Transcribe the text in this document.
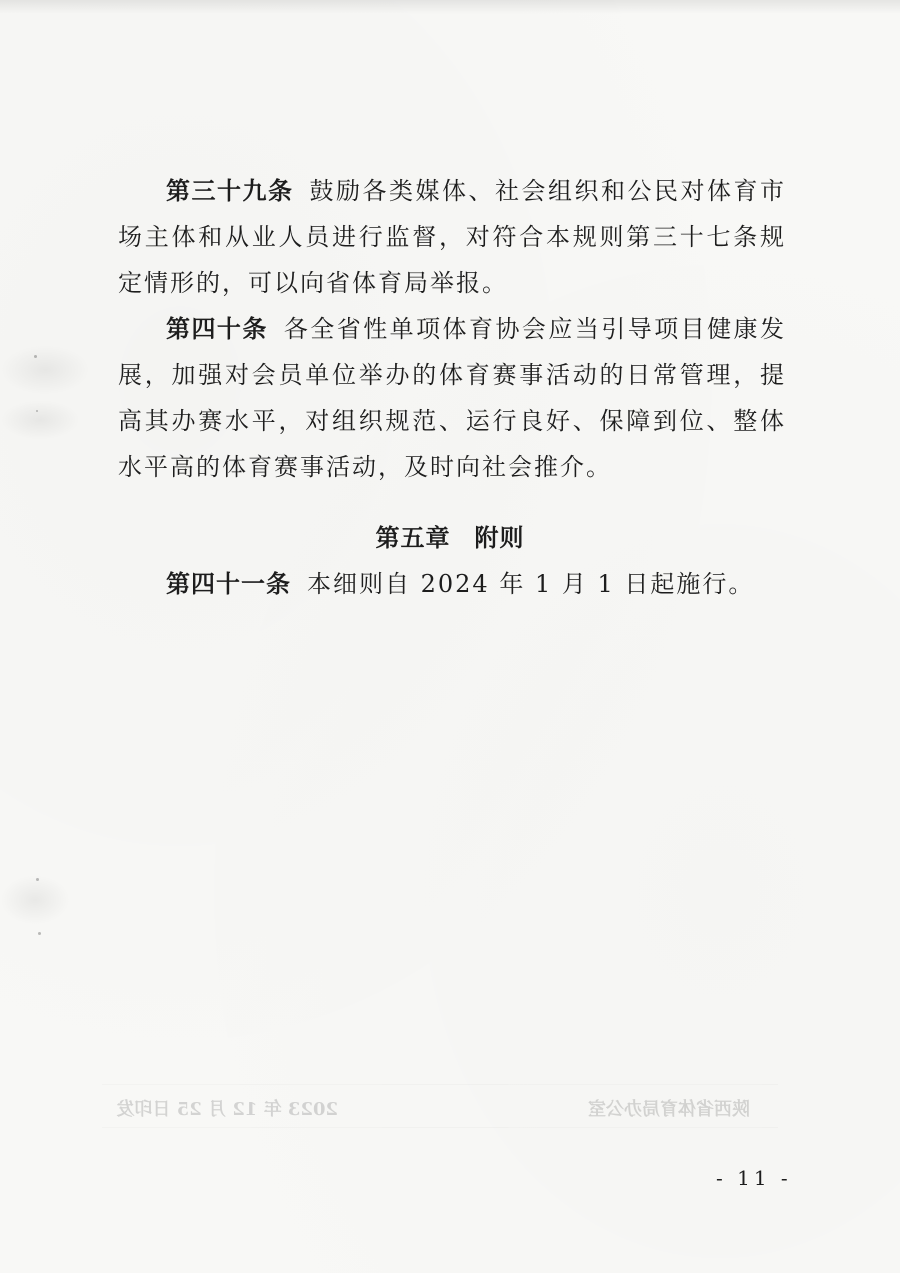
第三十九条 鼓励各类媒体、社会组织和公民对体育市场主体和从业人员进行监督，对符合本规则第三十七条规定情形的，可以向省体育局举报。

第四十条 各全省性单项体育协会应当引导项目健康发展，加强对会员单位举办的体育赛事活动的日常管理，提高其办赛水平，对组织规范、运行良好、保障到位、整体水平高的体育赛事活动，及时向社会推介。

第五章 附则
第四十一条 本细则自 2024 年 1 月 1 日起施行。
陕西省体育局办公室
2023 年 12 月 25 日印发
- 11 -
